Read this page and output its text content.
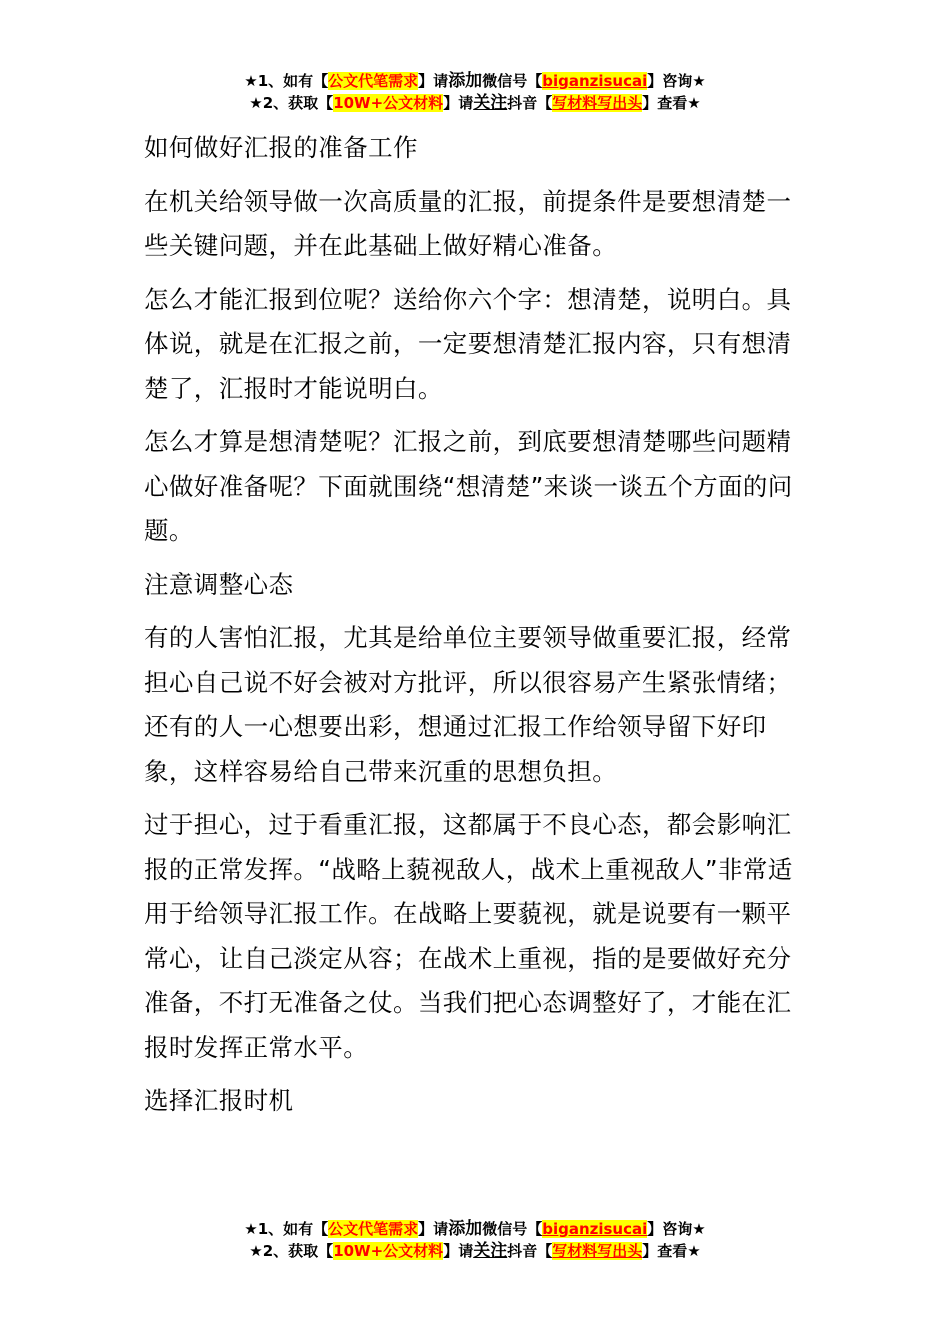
★1、如有【公文代笔需求】请添加微信号【biganzisucai】咨询★
★2、获取【10W+公文材料】请关注抖音【写材料写出头】查看★

如何做好汇报的准备工作

在机关给领导做一次高质量的汇报，前提条件是要想清楚一些关键问题，并在此基础上做好精心准备。

怎么才能汇报到位呢？送给你六个字：想清楚，说明白。具体说，就是在汇报之前，一定要想清楚汇报内容，只有想清楚了，汇报时才能说明白。

怎么才算是想清楚呢？汇报之前，到底要想清楚哪些问题精心做好准备呢？下面就围绕“想清楚”来谈一谈五个方面的问题。

注意调整心态

有的人害怕汇报，尤其是给单位主要领导做重要汇报，经常担心自己说不好会被对方批评，所以很容易产生紧张情绪；还有的人一心想要出彩，想通过汇报工作给领导留下好印象，这样容易给自己带来沉重的思想负担。

过于担心，过于看重汇报，这都属于不良心态，都会影响汇报的正常发挥。“战略上藐视敌人，战术上重视敌人”非常适用于给领导汇报工作。在战略上要藐视，就是说要有一颗平常心，让自己淡定从容；在战术上重视，指的是要做好充分准备，不打无准备之仗。当我们把心态调整好了，才能在汇报时发挥正常水平。

选择汇报时机

★1、如有【公文代笔需求】请添加微信号【biganzisucai】咨询★
★2、获取【10W+公文材料】请关注抖音【写材料写出头】查看★
